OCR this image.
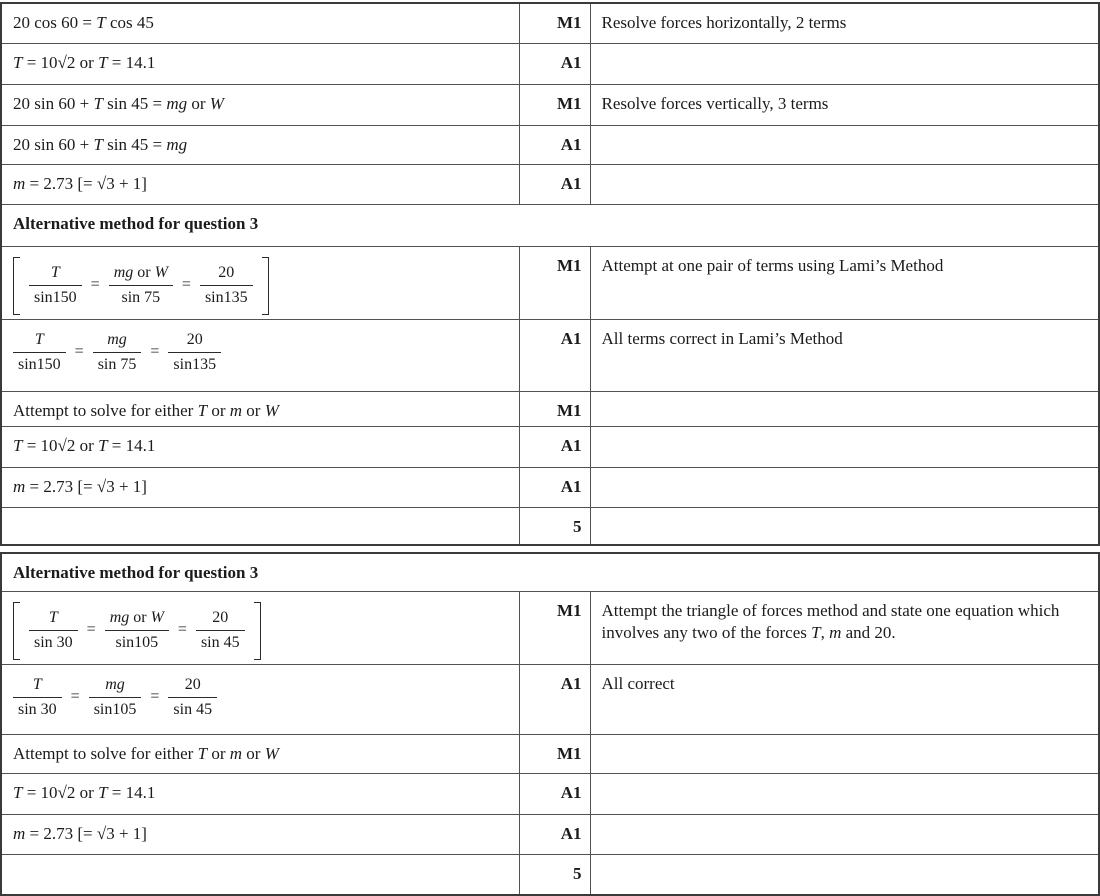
20 cos 60 = T cos 45	M1	Resolve forces horizontally, 2 terms
T = 10√2 or T = 14.1	A1	
20 sin 60 + T sin 45 = mg or W	M1	Resolve forces vertically, 3 terms
20 sin 60 + T sin 45 = mg	A1	
m = 2.73 [= √3 + 1]	A1	
Alternative method for question 3		

$\frac{T}{\sin 150} = \frac{\text{mg or W}}{\sin 75} = \frac{20}{\sin 135}$	M1	Attempt at one pair of terms using Lami’s Method

$\frac{T}{\sin 150} = \frac{mg}{\sin 75} = \frac{20}{\sin 135}$	A1	All terms correct in Lami’s Method
Attempt to solve for either T or m or W	M1	
T = 10√2 or T = 14.1	A1	
m = 2.73 [= √3 + 1]	A1	
	5	
Alternative method for question 3		

$\frac{T}{\sin 30} = \frac{\text{mg or W}}{\sin 105} = \frac{20}{\sin 45}$	M1	Attempt the triangle of forces method and state one equation which involves any two of the forces T, m and 20.

$\frac{T}{\sin 30} = \frac{mg}{\sin 105} = \frac{20}{\sin 45}$	A1	All correct
Attempt to solve for either T or m or W	M1	
T = 10√2 or T = 14.1	A1	
m = 2.73 [= √3 + 1]	A1	
	5	
